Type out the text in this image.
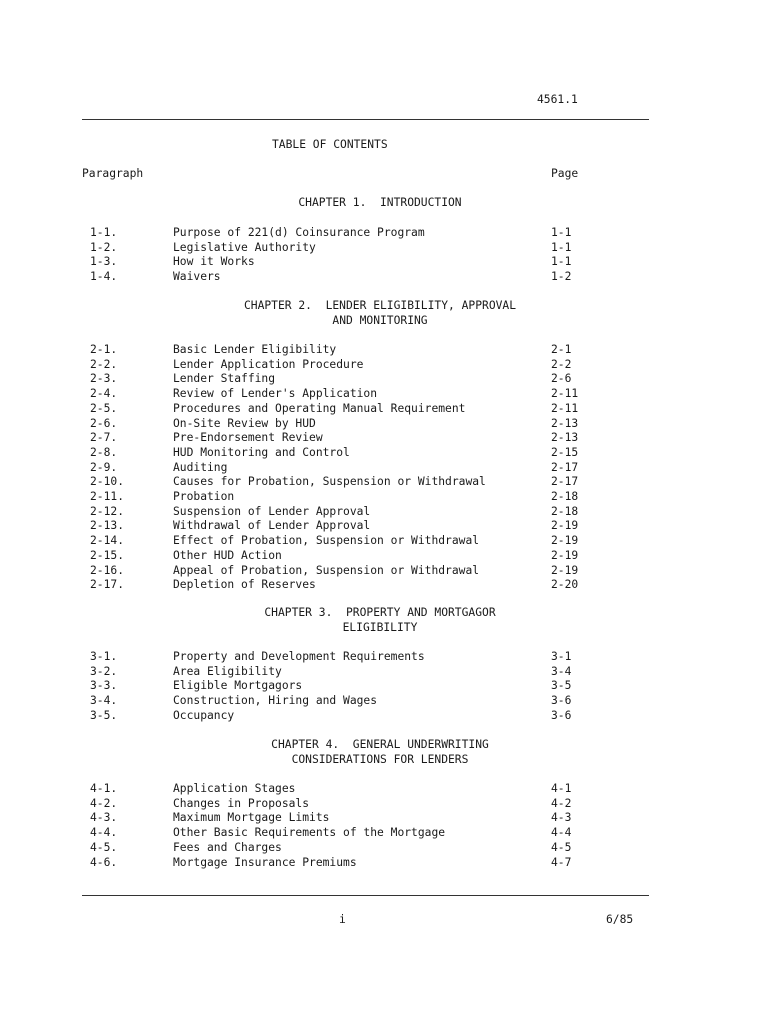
4561.1
TABLE OF CONTENTS
Paragraph	Page
CHAPTER 1.  INTRODUCTION
1-1.	Purpose of 221(d) Coinsurance Program	1-1
1-2.	Legislative Authority	1-1
1-3.	How it Works	1-1
1-4.	Waivers	1-2
CHAPTER 2.  LENDER ELIGIBILITY, APPROVAL
AND MONITORING
2-1.	Basic Lender Eligibility	2-1
2-2.	Lender Application Procedure	2-2
2-3.	Lender Staffing	2-6
2-4.	Review of Lender's Application	2-11
2-5.	Procedures and Operating Manual Requirement	2-11
2-6.	On-Site Review by HUD	2-13
2-7.	Pre-Endorsement Review	2-13
2-8.	HUD Monitoring and Control	2-15
2-9.	Auditing	2-17
2-10.	Causes for Probation, Suspension or Withdrawal	2-17
2-11.	Probation	2-18
2-12.	Suspension of Lender Approval	2-18
2-13.	Withdrawal of Lender Approval	2-19
2-14.	Effect of Probation, Suspension or Withdrawal	2-19
2-15.	Other HUD Action	2-19
2-16.	Appeal of Probation, Suspension or Withdrawal	2-19
2-17.	Depletion of Reserves	2-20
CHAPTER 3.  PROPERTY AND MORTGAGOR
ELIGIBILITY
3-1.	Property and Development Requirements	3-1
3-2.	Area Eligibility	3-4
3-3.	Eligible Mortgagors	3-5
3-4.	Construction, Hiring and Wages	3-6
3-5.	Occupancy	3-6
CHAPTER 4.  GENERAL UNDERWRITING
CONSIDERATIONS FOR LENDERS
4-1.	Application Stages	4-1
4-2.	Changes in Proposals	4-2
4-3.	Maximum Mortgage Limits	4-3
4-4.	Other Basic Requirements of the Mortgage	4-4
4-5.	Fees and Charges	4-5
4-6.	Mortgage Insurance Premiums	4-7
i	6/85
